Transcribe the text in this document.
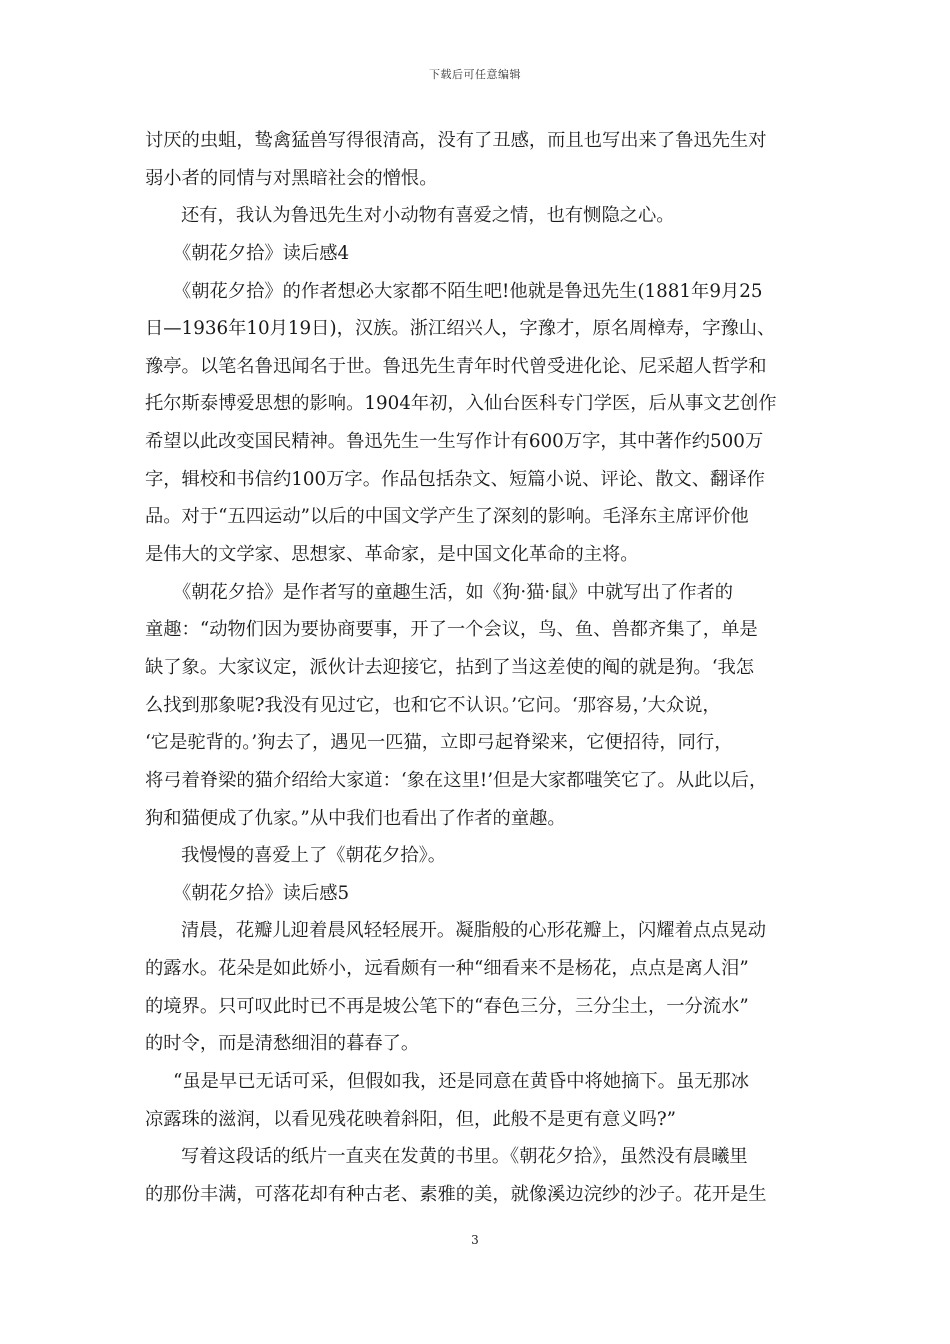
下载后可任意编辑
讨厌的虫蛆，鸷禽猛兽写得很清高，没有了丑感，而且也写出来了鲁迅先生对
弱小者的同情与对黑暗社会的憎恨。
还有，我认为鲁迅先生对小动物有喜爱之情，也有恻隐之心。
《朝花夕拾》读后感4
《朝花夕拾》的作者想必大家都不陌生吧!他就是鲁迅先生(1881年9月25
日—1936年10月19日)，汉族。浙江绍兴人，字豫才，原名周樟寿，字豫山、
豫亭。以笔名鲁迅闻名于世。鲁迅先生青年时代曾受进化论、尼采超人哲学和
托尔斯泰博爱思想的影响。1904年初，入仙台医科专门学医，后从事文艺创作
希望以此改变国民精神。鲁迅先生一生写作计有600万字，其中著作约500万
字，辑校和书信约100万字。作品包括杂文、短篇小说、评论、散文、翻译作
品。对于“五四运动”以后的中国文学产生了深刻的影响。毛泽东主席评价他
是伟大的文学家、思想家、革命家，是中国文化革命的主将。
《朝花夕拾》是作者写的童趣生活，如《狗·猫·鼠》中就写出了作者的
童趣：“动物们因为要协商要事，开了一个会议，鸟、鱼、兽都齐集了，单是
缺了象。大家议定，派伙计去迎接它，拈到了当这差使的阄的就是狗。‘我怎
么找到那象呢?我没有见过它，也和它不认识。’它问。‘那容易，’大众说，
‘它是驼背的。’狗去了，遇见一匹猫，立即弓起脊梁来，它便招待，同行，
将弓着脊梁的猫介绍给大家道：‘象在这里!’但是大家都嗤笑它了。从此以后，
狗和猫便成了仇家。”从中我们也看出了作者的童趣。
我慢慢的喜爱上了《朝花夕拾》。
《朝花夕拾》读后感5
清晨，花瓣儿迎着晨风轻轻展开。凝脂般的心形花瓣上，闪耀着点点晃动
的露水。花朵是如此娇小，远看颇有一种“细看来不是杨花，点点是离人泪”
的境界。只可叹此时已不再是坡公笔下的“春色三分，三分尘土，一分流水”
的时令，而是清愁细泪的暮春了。
“虽是早已无话可采，但假如我，还是同意在黄昏中将她摘下。虽无那冰
凉露珠的滋润，以看见残花映着斜阳，但，此般不是更有意义吗?”
写着这段话的纸片一直夹在发黄的书里。《朝花夕拾》，虽然没有晨曦里
的那份丰满，可落花却有种古老、素雅的美，就像溪边浣纱的沙子。花开是生
3
